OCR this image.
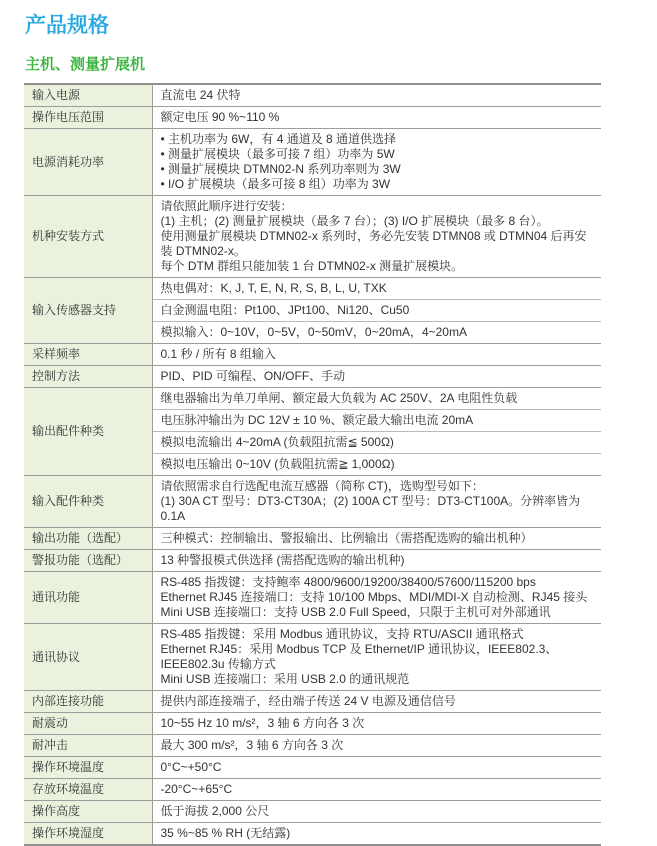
产品规格
主机、测量扩展机
输入电源	直流电 24 伏特
操作电压范围	额定电压 90 %~110 %
电源消耗功率	• 主机功率为 6W，有 4 通道及 8 通道供选择
• 测量扩展模块（最多可接 7 组）功率为 5W
• 测量扩展模块 DTMN02-N 系列功率则为 3W
• I/O 扩展模块（最多可接 8 组）功率为 3W

机种安装方式	请依照此顺序进行安装：
(1) 主机；(2) 测量扩展模块（最多 7 台）；(3) I/O 扩展模块（最多 8 台）。
使用测量扩展模块 DTMN02-x 系列时，务必先安装 DTMN08 或 DTMN04 后再安装 DTMN02-x。
每个 DTM 群组只能加装 1 台 DTMN02-x 测量扩展模块。

输入传感器支持	热电偶对：K, J, T, E, N, R, S, B, L, U, TXK
	白金测温电阻：Pt100、JPt100、Ni120、Cu50
	模拟输入：0~10V，0~5V，0~50mV，0~20mA，4~20mA
采样频率	0.1 秒 / 所有 8 组输入
控制方法	PID、PID 可编程、ON/OFF、手动
输出配件种类	继电器输出为单刀单闸、额定最大负载为 AC 250V、2A 电阻性负载
	电压脉冲输出为 DC 12V ± 10 %、额定最大输出电流 20mA
	模拟电流输出 4~20mA (负载阻抗需≦ 500Ω)
	模拟电压输出 0~10V (负载阻抗需≧ 1,000Ω)
输入配件种类	请依照需求自行选配电流互感器（简称 CT)，选购型号如下：
(1) 30A CT 型号：DT3-CT30A；(2) 100A CT 型号：DT3-CT100A。分辨率皆为 0.1A

输出功能（选配）	三种模式：控制输出、警报输出、比例输出（需搭配选购的输出机种）
警报功能（选配）	13 种警报模式供选择 (需搭配选购的输出机种)
通讯功能	RS-485 指拨键：支持鲍率 4800/9600/19200/38400/57600/115200 bps
Ethernet RJ45 连接端口：支持 10/100 Mbps、MDI/MDI-X 自动检测、RJ45 接头
Mini USB 连接端口：支持 USB 2.0 Full Speed，只限于主机可对外部通讯

通讯协议	RS-485 指拨键：采用 Modbus 通讯协议，支持 RTU/ASCII 通讯格式
Ethernet RJ45：采用 Modbus TCP 及 Ethernet/IP 通讯协议，IEEE802.3、IEEE802.3u 传输方式
Mini USB 连接端口：采用 USB 2.0 的通讯规范

内部连接功能	提供内部连接端子，经由端子传送 24 V 电源及通信信号
耐震动	10~55 Hz 10 m/s²，3 轴 6 方向各 3 次
耐冲击	最大 300 m/s²，3 轴 6 方向各 3 次
操作环境温度	0°C~+50°C
存放环境温度	-20°C~+65°C
操作高度	低于海拔 2,000 公尺
操作环境湿度	35 %~85 % RH (无结露)
